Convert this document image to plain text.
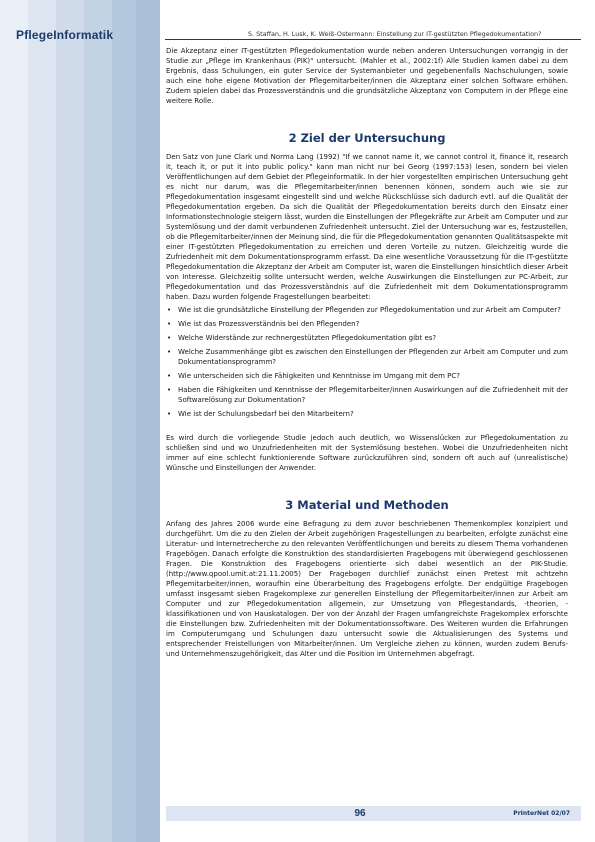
PflegeInformatik	S. Staffan, H. Lusk, K. Weiß-Ostermann: Einstellung zur IT-gestützten Pflegedokumentation?

Die Akzeptanz einer IT-gestützten Pflegedokumentation wurde neben anderen Untersuchungen vorrangig in der Studie zur „Pflege im Krankenhaus (PIK)“ untersucht. (Mahler et al., 2002:1f) Alle Studien kamen dabei zu dem Ergebnis, dass Schulungen, ein guter Service der Systemanbieter und gegebenenfalls Nachschulungen, sowie auch eine hohe eigene Motivation der Pflegemitarbeiter/innen die Akzeptanz einer solchen Software erhöhen. Zudem spielen dabei das Prozessverständnis und die grundsätzliche Akzeptanz von Computern in der Pflege eine weitere Rolle.

2 Ziel der Untersuchung

Den Satz von June Clark und Norma Lang (1992) "If we cannot name it, we cannot control it, finance it, research it, teach it, or put it into public policy." kann man nicht nur bei Georg (1997:153) lesen, sondern bei vielen Veröffentlichungen auf dem Gebiet der Pflegeinformatik. In der hier vorgestellten empirischen Untersuchung geht es nicht nur darum, was die Pflegemitarbeiter/innen benennen können, sondern auch wie sie zur Pflegedokumentation insgesamt eingestellt sind und welche Rückschlüsse sich dadurch evtl. auf die Qualität der Pflegedokumentation ergeben. Da sich die Qualität der Pflegedokumentation bereits durch den Einsatz einer Informationstechnologie steigern lässt, wurden die Einstellungen der Pflegekräfte zur Arbeit am Computer und zur Systemlösung und der damit verbundenen Zufriedenheit untersucht. Ziel der Untersuchung war es, festzustellen, ob die Pflegemitarbeiter/innen der Meinung sind, die für die Pflegedokumentation genannten Qualitätsaspekte mit einer IT-gestützten Pflegedokumentation zu erreichen und deren Vorteile zu nutzen. Gleichzeitig wurde die Zufriedenheit mit dem Dokumentationsprogramm erfasst. Da eine wesentliche Voraussetzung für die IT-gestützte Pflegedokumentation die Akzeptanz der Arbeit am Computer ist, waren die Einstellungen hinsichtlich dieser Arbeit von Interesse. Gleichzeitig sollte untersucht werden, welche Auswirkungen die Einstellungen zur PC-Arbeit, zur Pflegedokumentation und das Prozessverständnis auf die Zufriedenheit mit dem Dokumentationsprogramm haben. Dazu wurden folgende Fragestellungen bearbeitet:

• Wie ist die grundsätzliche Einstellung der Pflegenden zur Pflegedokumentation und zur Arbeit am Computer?
• Wie ist das Prozessverständnis bei den Pflegenden?
• Welche Widerstände zur rechnergestützten Pflegedokumentation gibt es?
• Welche Zusammenhänge gibt es zwischen den Einstellungen der Pflegenden zur Arbeit am Computer und zum Dokumentationsprogramm?
• Wie unterscheiden sich die Fähigkeiten und Kenntnisse im Umgang mit dem PC?
• Haben die Fähigkeiten und Kenntnisse der Pflegemitarbeiter/innen Auswirkungen auf die Zufriedenheit mit der Softwarelösung zur Dokumentation?
• Wie ist der Schulungsbedarf bei den Mitarbeitern?

Es wird durch die vorliegende Studie jedoch auch deutlich, wo Wissenslücken zur Pflegedokumentation zu schließen sind und wo Unzufriedenheiten mit der Systemlösung bestehen. Wobei die Unzufriedenheiten nicht immer auf eine schlecht funktionierende Software zurückzuführen sind, sondern oft auch auf (unrealistische) Wünsche und Einstellungen der Anwender.

3 Material und Methoden

Anfang des Jahres 2006 wurde eine Befragung zu dem zuvor beschriebenen Themenkomplex konzipiert und durchgeführt. Um die zu den Zielen der Arbeit zugehörigen Fragestellungen zu bearbeiten, erfolgte zunächst eine Literatur- und Internetrecherche zu den relevanten Veröffentlichungen und bereits zu diesem Thema vorhandenen Fragebögen. Danach erfolgte die Konstruktion des standardisierten Fragebogens mit überwiegend geschlossenen Fragen. Die Konstruktion des Fragebogens orientierte sich dabei wesentlich an der PIK-Studie. (http://www.qpool.umit.at:21.11.2005) Der Fragebogen durchlief zunächst einen Pretest mit achtzehn Pflegemitarbeiter/innen, woraufhin eine Überarbeitung des Fragebogens erfolgte. Der endgültige Fragebogen umfasst insgesamt sieben Fragekomplexe zur generellen Einstellung der Pflegemitarbeiter/innen zur Arbeit am Computer und zur Pflegedokumentation allgemein, zur Umsetzung von Pflegestandards, -theorien, -klassifikationen und von Hauskatalogen. Der von der Anzahl der Fragen umfangreichste Fragekomplex erforschte die Einstellungen bzw. Zufriedenheiten mit der Dokumentationssoftware. Des Weiteren wurden die Erfahrungen im Computerumgang und Schulungen dazu untersucht sowie die Aktualisierungen des Systems und entsprechender Freistellungen von Mitarbeiter/innen. Um Vergleiche ziehen zu können, wurden zudem Berufs- und Unternehmenszugehörigkeit, das Alter und die Position im Unternehmen abgefragt.

96	PrInterNet 02/07
